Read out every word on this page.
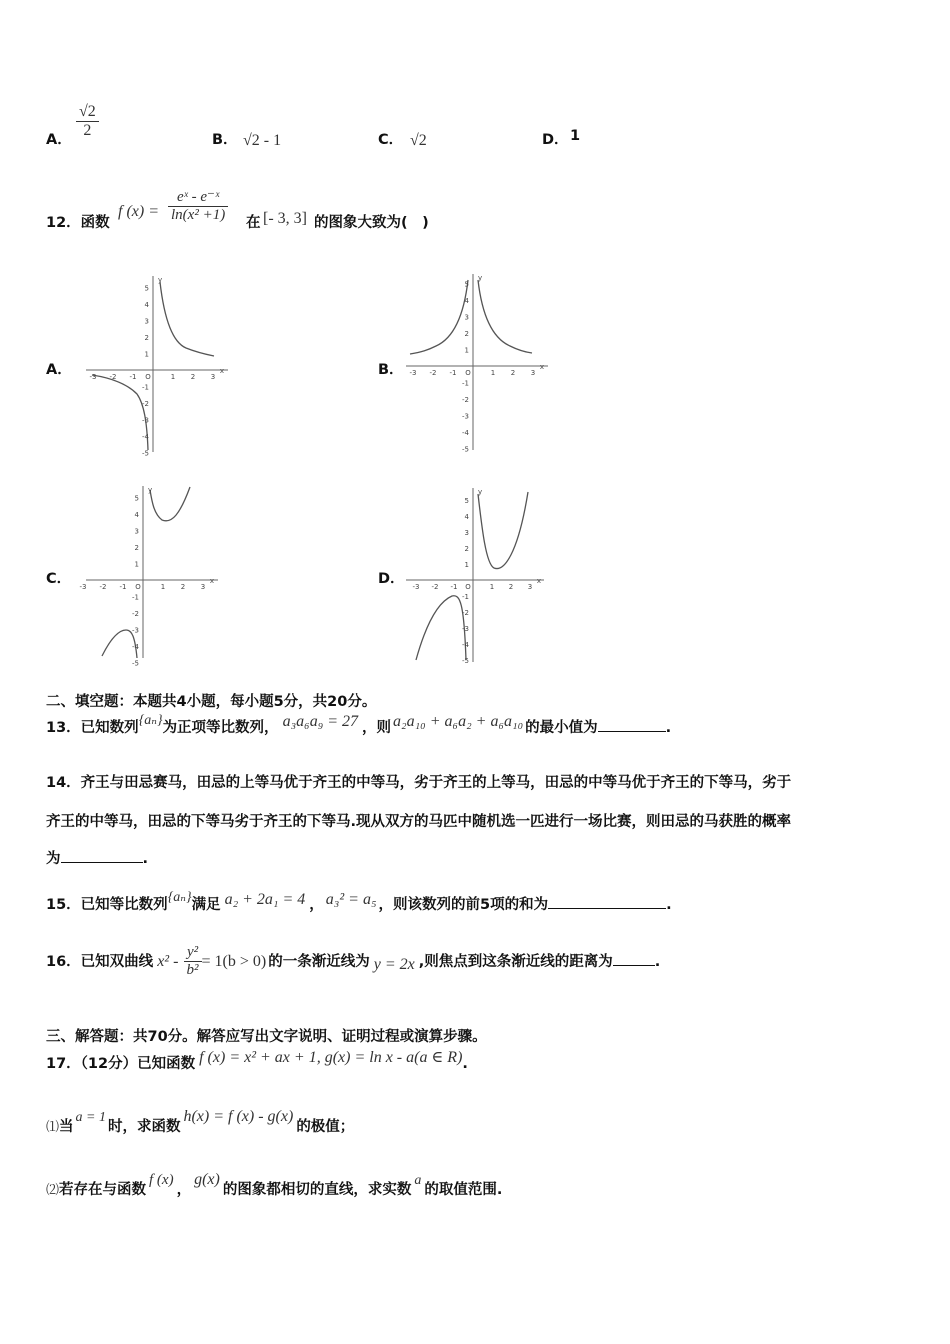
A． $\frac{√2}{2}$	B． √2 - 1	C． √2	D． 1
12．函数
f $(x) = \frac{\text{eˣ - e⁻ˣ}}{\text{ln(x² +1)}}$ 在 [- 3, 3] 的图象大致为(　)
A．	B．
C．	D．
-3 -2 -1 O	1 2 3
5
4
3
2
1
-1
-2
-3
-4
-5
x
y
-3 -2 -1 O	1 2 3
5
4
3
2
1
-1
-2
-3
-4
-5
x
y
-3 -2 -1 O	1 2 3
5
4
3
2
1
-1
-2
-3
-4
-5
x
y
-3 -2 -1 O	1 2 3
5
4
3
2
1
-1
-2
-3
-4
-5
x
y
二、填空题：本题共4小题，每小题5分，共20分。
13．已知数列{aₙ}为正项等比数列， a₃a₆a₉ = 27 ，则 a₂a₁₀ + a₆a₂ + a₆a₁₀ 的最小值为	.
14．齐王与田忌赛马，田忌的上等马优于齐王的中等马，劣于齐王的上等马，田忌的中等马优于齐王的下等马，劣于
齐王的中等马，田忌的下等马劣于齐王的下等马.现从双方的马匹中随机选一匹进行一场比赛，则田忌的马获胜的概率
为	.
15．已知等比数列{aₙ}满足 a₂ + 2a₁ = 4 ， a₃² = a₅ ，则该数列的前5项的和为	.
16．已知双曲线 $x^2 - \frac{\text{y²}}{\text{b²}} = 1(b > 0)$ 的一条渐近线为 y = 2x ,则焦点到这条渐近线的距离为	.
三、解答题：共70分。解答应写出文字说明、证明过程或演算步骤。
17．（12分）已知函数 f (x) = x² + ax + 1, g(x) = ln x - a(a ∈ R).
⑴当a = 1时，求函数h(x) = f (x) - g(x)的极值；
⑵若存在与函数f (x)，g(x)的图象都相切的直线，求实数a的取值范围.
